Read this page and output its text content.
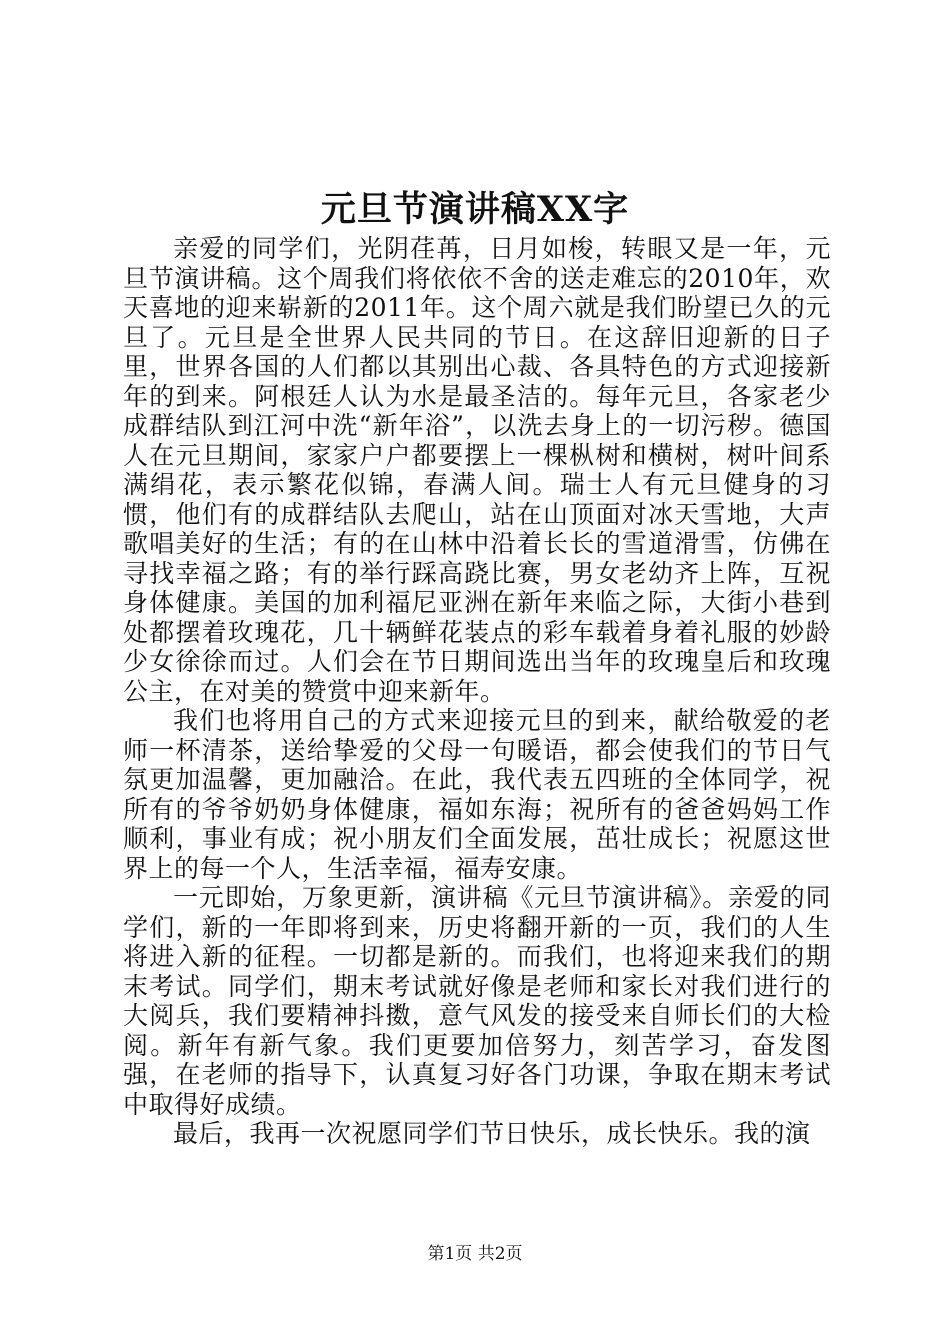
元旦节演讲稿XX字

亲爱的同学们，光阴荏苒，日月如梭，转眼又是一年，元旦节演讲稿。这个周我们将依依不舍的送走难忘的2010年，欢天喜地的迎来崭新的2011年。这个周六就是我们盼望已久的元旦了。元旦是全世界人民共同的节日。在这辞旧迎新的日子里，世界各国的人们都以其别出心裁、各具特色的方式迎接新年的到来。阿根廷人认为水是最圣洁的。每年元旦，各家老少成群结队到江河中洗“新年浴”，以洗去身上的一切污秽。德国人在元旦期间，家家户户都要摆上一棵枞树和横树，树叶间系满绢花，表示繁花似锦，春满人间。瑞士人有元旦健身的习惯，他们有的成群结队去爬山，站在山顶面对冰天雪地，大声歌唱美好的生活；有的在山林中沿着长长的雪道滑雪，仿佛在寻找幸福之路；有的举行踩高跷比赛，男女老幼齐上阵，互祝身体健康。美国的加利福尼亚洲在新年来临之际，大街小巷到处都摆着玫瑰花，几十辆鲜花装点的彩车载着身着礼服的妙龄少女徐徐而过。人们会在节日期间选出当年的玫瑰皇后和玫瑰公主，在对美的赞赏中迎来新年。

我们也将用自己的方式来迎接元旦的到来，献给敬爱的老师一杯清茶，送给挚爱的父母一句暖语，都会使我们的节日气氛更加温馨，更加融洽。在此，我代表五四班的全体同学，祝所有的爷爷奶奶身体健康，福如东海；祝所有的爸爸妈妈工作顺利，事业有成；祝小朋友们全面发展，茁壮成长；祝愿这世界上的每一个人，生活幸福，福寿安康。

一元即始，万象更新，演讲稿《元旦节演讲稿》。亲爱的同学们，新的一年即将到来，历史将翻开新的一页，我们的人生将进入新的征程。一切都是新的。而我们，也将迎来我们的期末考试。同学们，期末考试就好像是老师和家长对我们进行的大阅兵，我们要精神抖擞，意气风发的接受来自师长们的大检阅。新年有新气象。我们更要加倍努力，刻苦学习，奋发图强，在老师的指导下，认真复习好各门功课，争取在期末考试中取得好成绩。

最后，我再一次祝愿同学们节日快乐，成长快乐。我的演

第1页 共2页
